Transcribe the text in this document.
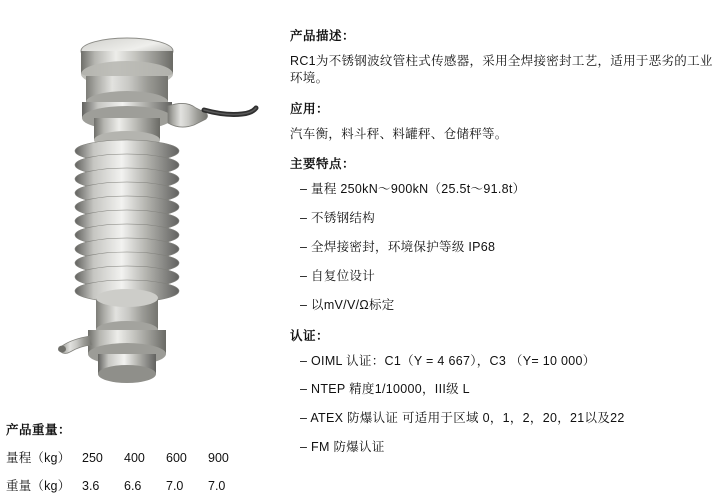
产品描述：

RC1为不锈钢波纹管柱式传感器，采用全焊接密封工艺，适用于恶劣的工业环境。

应用：

汽车衡，料斗秤、料罐秤、仓储秤等。

主要特点：

– 量程 250kN～900kN（25.5t～91.8t）
– 不锈钢结构
– 全焊接密封，环境保护等级 IP68
– 自复位设计
– 以mV/V/Ω标定

认证：

– OIML 认证：C1（Y = 4 667），C3 （Y= 10 000）
– NTEP 精度1/10000，III级 L
– ATEX 防爆认证 可适用于区域 0，1，2，20，21以及22
– FM 防爆认证

产品重量：

量程（kg） 250	400	600	900
重量（kg） 3.6	6.6	7.0	7.0
